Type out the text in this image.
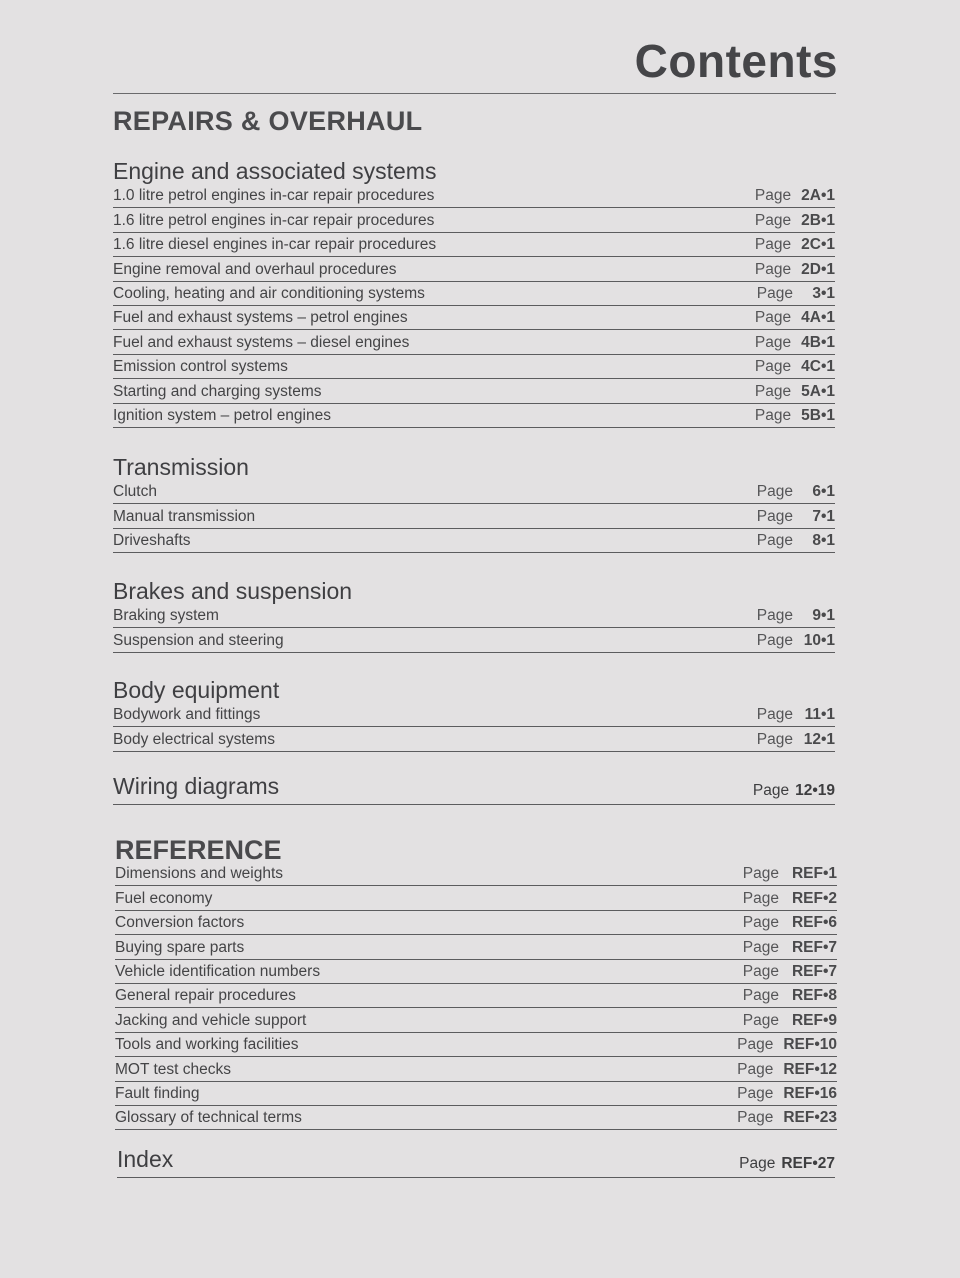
Contents
REPAIRS & OVERHAUL
Engine and associated systems
1.0 litre petrol engines in-car repair procedures	Page 2A•1
1.6 litre petrol engines in-car repair procedures	Page 2B•1
1.6 litre diesel engines in-car repair procedures	Page 2C•1
Engine removal and overhaul procedures	Page 2D•1
Cooling, heating and air conditioning systems	Page	3•1
Fuel and exhaust systems – petrol engines	Page 4A•1
Fuel and exhaust systems – diesel engines	Page 4B•1
Emission control systems	Page 4C•1
Starting and charging systems	Page 5A•1
Ignition system – petrol engines	Page 5B•1
Transmission
Clutch	Page	6•1
Manual transmission	Page	7•1
Driveshafts	Page	8•1
Brakes and suspension
Braking system	Page	9•1
Suspension and steering	Page 10•1
Body equipment
Bodywork and fittings	Page 11•1
Body electrical systems	Page 12•1
Wiring diagrams	Page 12•19
REFERENCE
Dimensions and weights	Page REF•1
Fuel economy	Page REF•2
Conversion factors	Page REF•6
Buying spare parts	Page REF•7
Vehicle identification numbers	Page REF•7
General repair procedures	Page REF•8
Jacking and vehicle support	Page REF•9
Tools and working facilities	Page REF•10
MOT test checks	Page REF•12
Fault finding	Page REF•16
Glossary of technical terms	Page REF•23
Index	Page REF•27
